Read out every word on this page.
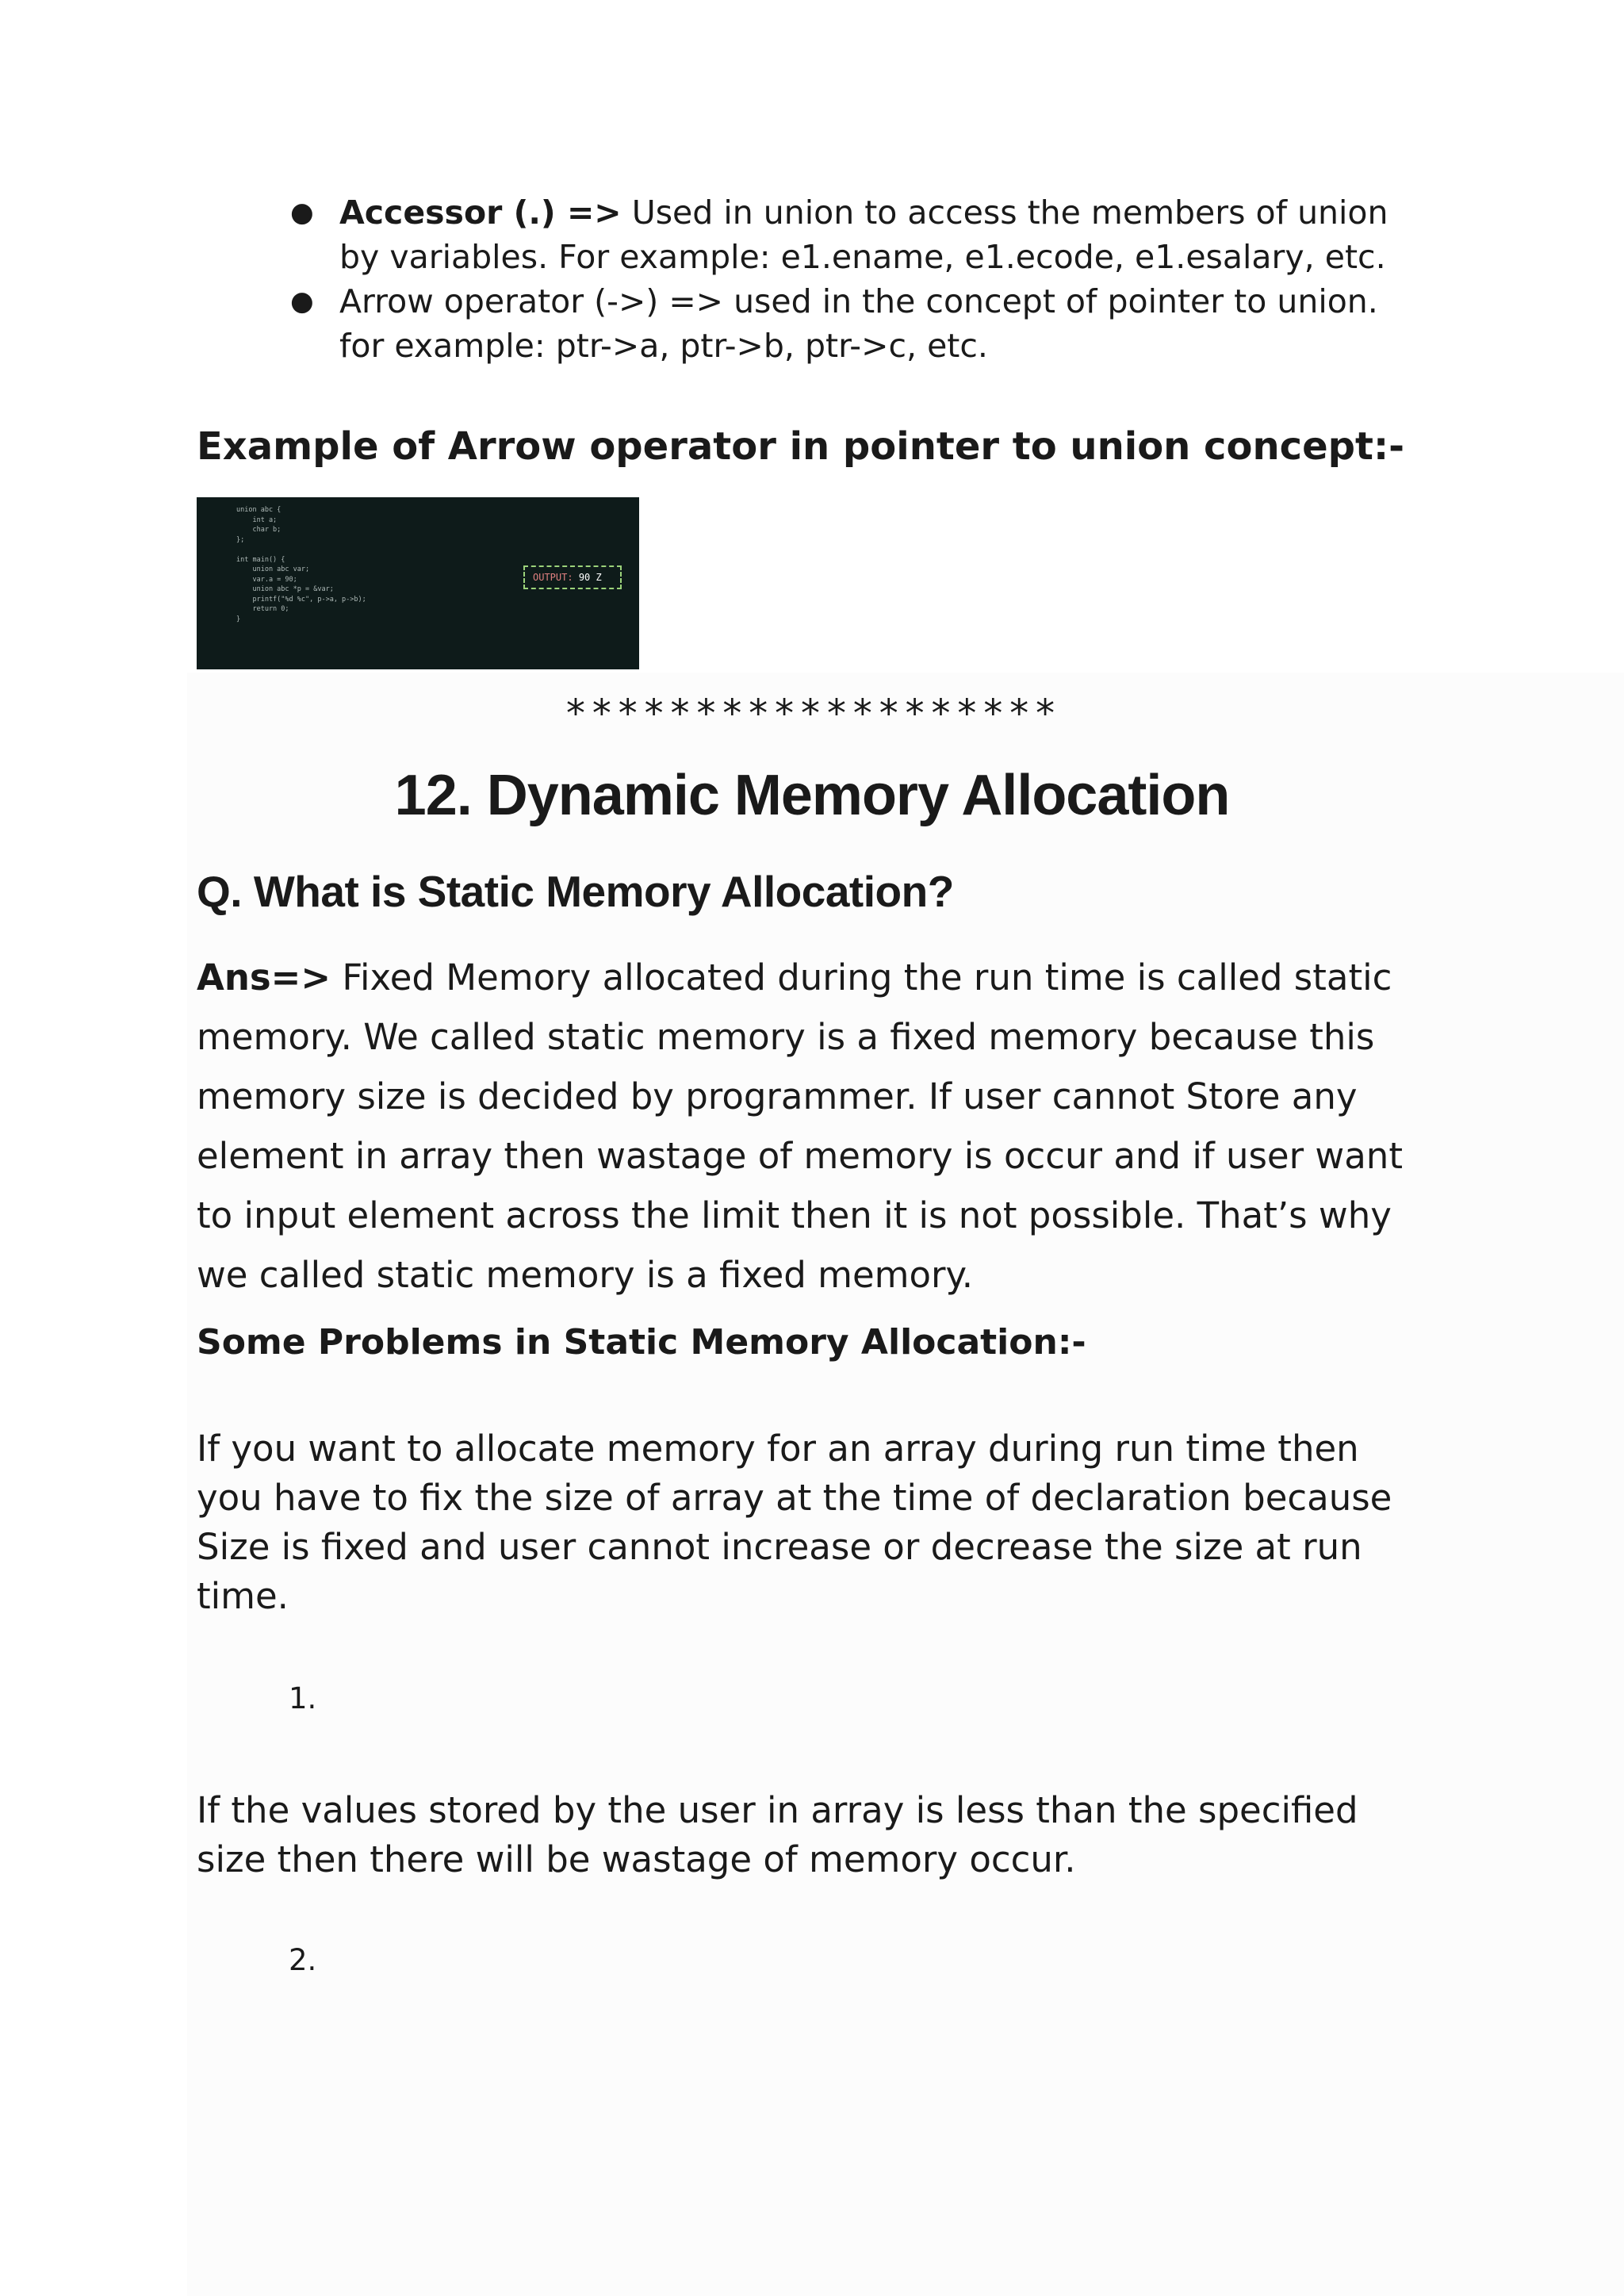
● Accessor (.) => Used in union to access the members of union by variables. For example: e1.ename, e1.ecode, e1.esalary, etc.
● Arrow operator (->) => used in the concept of pointer to union. for example: ptr->a, ptr->b, ptr->c, etc.
Example of Arrow operator in pointer to union concept:-
union abc {
int a;
char b;
};

int main() {
union abc var;
var.a = 90;
union abc *p = &var;
printf("%d %c", p->a, p->b);
return 0;
}
OUTPUT: 90 Z
*******************
12. Dynamic Memory Allocation
Q. What is Static Memory Allocation?

Ans=> Fixed Memory allocated during the run time is called static memory. We called static memory is a fixed memory because this memory size is decided by programmer. If user cannot Store any element in array then wastage of memory is occur and if user want to input element across the limit then it is not possible. That’s why we called static memory is a fixed memory.

Some Problems in Static Memory Allocation:-

If you want to allocate memory for an array during run time then you have to fix the size of array at the time of declaration because Size is fixed and user cannot increase or decrease the size at run time.

1.

If the values stored by the user in array is less than the specified size then there will be wastage of memory occur.

2.
